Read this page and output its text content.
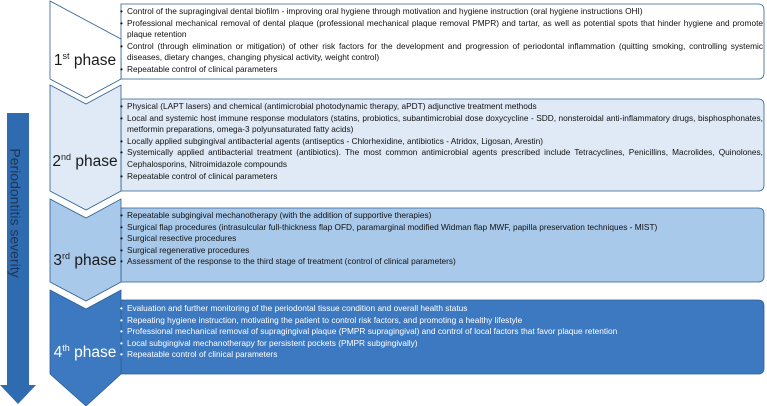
Periodontitis severity
1st phase
2nd phase
3rd phase
4th phase
• Control of the supragingival dental biofilm - improving oral hygiene through motivation and hygiene instruction (oral hygiene instructions OHI)
• Professional mechanical removal of dental plaque (professional mechanical plaque removal PMPR) and tartar, as well as potential spots that hinder hygiene and promote plaque retention
• Control (through elimination or mitigation) of other risk factors for the development and progression of periodontal inflammation (quitting smoking, controlling systemic diseases, dietary changes, changing physical activity, weight control)
• Repeatable control of clinical parameters
• Physical (LAPT lasers) and chemical (antimicrobial photodynamic therapy, aPDT) adjunctive treatment methods
• Local and systemic host immune response modulators (statins, probiotics, subantimicrobial dose doxycycline - SDD, nonsteroidal anti-inflammatory drugs, bisphosphonates, metformin preparations, omega-3 polyunsaturated fatty acids)
• Locally applied subgingival antibacterial agents (antiseptics - Chlorhexidine, antibiotics - Atridox, Ligosan, Arestin)
• Systemically applied antibacterial treatment (antibiotics). The most common antimicrobial agents prescribed include Tetracyclines, Penicillins, Macrolides, Quinolones, Cephalosporins, Nitroimidazole compounds
• Repeatable control of clinical parameters
• Repeatable subgingival mechanotherapy (with the addition of supportive therapies)
• Surgical flap procedures (intrasulcular full-thickness flap OFD, paramarginal modified Widman flap MWF, papilla preservation techniques - MIST)
• Surgical resective procedures
• Surgical regenerative procedures
• Assessment of the response to the third stage of treatment (control of clinical parameters)
• Evaluation and further monitoring of the periodontal tissue condition and overall health status
• Repeating hygiene instruction, motivating the patient to control risk factors, and promoting a healthy lifestyle
• Professional mechanical removal of supragingival plaque (PMPR supragingival) and control of local factors that favor plaque retention
• Local subgingival mechanotherapy for persistent pockets (PMPR subgingivally)
• Repeatable control of clinical parameters
